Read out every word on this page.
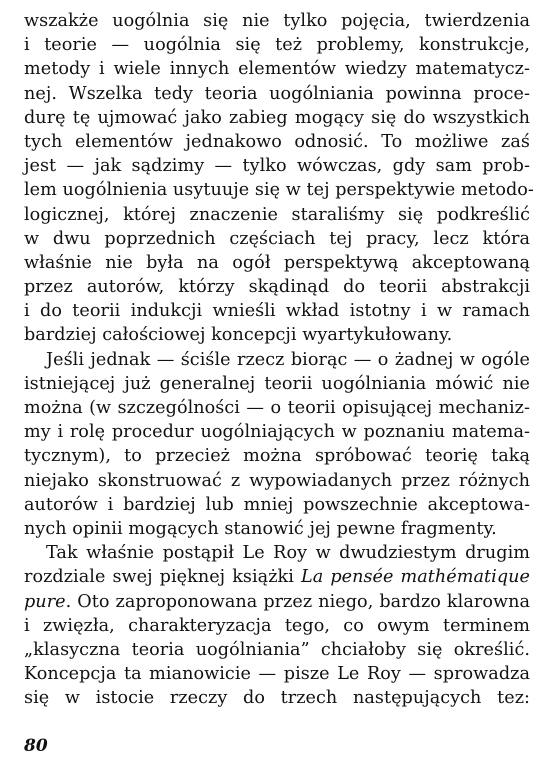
wszakże uogólnia się nie tylko pojęcia, twierdzenia
i teorie — uogólnia się też problemy, konstrukcje,
metody i wiele innych elementów wiedzy matematycz-
nej. Wszelka tedy teoria uogólniania powinna proce-
durę tę ujmować jako zabieg mogący się do wszystkich
tych elementów jednakowo odnosić. To możliwe zaś
jest — jak sądzimy — tylko wówczas, gdy sam prob-
lem uogólnienia usytuuje się w tej perspektywie metodo-
logicznej, której znaczenie staraliśmy się podkreślić
w dwu poprzednich częściach tej pracy, lecz która
właśnie nie była na ogół perspektywą akceptowaną
przez autorów, którzy skądinąd do teorii abstrakcji
i do teorii indukcji wnieśli wkład istotny i w ramach
bardziej całościowej koncepcji wyartykułowany.
Jeśli jednak — ściśle rzecz biorąc — o żadnej w ogóle
istniejącej już generalnej teorii uogólniania mówić nie
można (w szczególności — o teorii opisującej mechaniz-
my i rolę procedur uogólniających w poznaniu matema-
tycznym), to przecież można spróbować teorię taką
niejako skonstruować z wypowiadanych przez różnych
autorów i bardziej lub mniej powszechnie akceptowa-
nych opinii mogących stanowić jej pewne fragmenty.
Tak właśnie postąpił Le Roy w dwudziestym drugim
rozdziale swej pięknej książki La pensée mathématique
pure. Oto zaproponowana przez niego, bardzo klarowna
i zwięzła, charakteryzacja tego, co owym terminem
„klasyczna teoria uogólniania” chciałoby się określić.
Koncepcja ta mianowicie — pisze Le Roy — sprowadza
się w istocie rzeczy do trzech następujących tez:
80
